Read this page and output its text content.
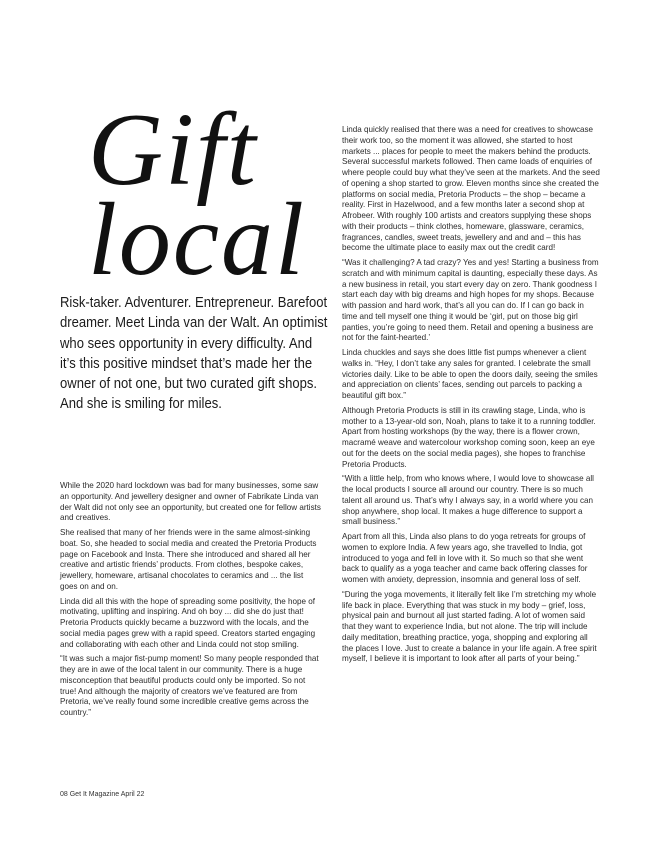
Gift
local

Risk-taker. Adventurer. Entrepreneur. Barefoot dreamer. Meet Linda van der Walt. An optimist who sees opportunity in every difficulty. And it’s this positive mindset that’s made her the owner of not one, but two curated gift shops. And she is smiling for miles.

While the 2020 hard lockdown was bad for many businesses, some saw an opportunity. And jewellery designer and owner of Fabrikate Linda van der Walt did not only see an opportunity, but created one for fellow artists and creatives.

She realised that many of her friends were in the same almost-sinking boat. So, she headed to social media and created the Pretoria Products page on Facebook and Insta. There she introduced and shared all her creative and artistic friends’ products. From clothes, bespoke cakes, jewellery, homeware, artisanal chocolates to ceramics and ... the list goes on and on.

Linda did all this with the hope of spreading some positivity, the hope of motivating, uplifting and inspiring. And oh boy ... did she do just that! Pretoria Products quickly became a buzzword with the locals, and the social media pages grew with a rapid speed. Creators started engaging and collaborating with each other and Linda could not stop smiling.

“It was such a major fist-pump moment! So many people responded that they are in awe of the local talent in our community. There is a huge misconception that beautiful products could only be imported. So not true! And although the majority of creators we’ve featured are from Pretoria, we’ve really found some incredible creative gems across the country.”

Linda quickly realised that there was a need for creatives to showcase their work too, so the moment it was allowed, she started to host markets ... places for people to meet the makers behind the products. Several successful markets followed. Then came loads of enquiries of where people could buy what they’ve seen at the markets. And the seed of opening a shop started to grow. Eleven months since she created the platforms on social media, Pretoria Products – the shop – became a reality. First in Hazelwood, and a few months later a second shop at Afrobeer. With roughly 100 artists and creators supplying these shops with their products – think clothes, homeware, glassware, ceramics, fragrances, candles, sweet treats, jewellery and and and – this has become the ultimate place to easily max out the credit card!

“Was it challenging? A tad crazy? Yes and yes! Starting a business from scratch and with minimum capital is daunting, especially these days. As a new business in retail, you start every day on zero. Thank goodness I start each day with big dreams and high hopes for my shops. Because with passion and hard work, that’s all you can do. If I can go back in time and tell myself one thing it would be ‘girl, put on those big girl panties, you’re going to need them. Retail and opening a business are not for the faint-hearted.’

Linda chuckles and says she does little fist pumps whenever a client walks in. “Hey, I don’t take any sales for granted. I celebrate the small victories daily. Like to be able to open the doors daily, seeing the smiles and appreciation on clients’ faces, sending out parcels to packing a beautiful gift box.”

Although Pretoria Products is still in its crawling stage, Linda, who is mother to a 13-year-old son, Noah, plans to take it to a running toddler. Apart from hosting workshops (by the way, there is a flower crown, macramé weave and watercolour workshop coming soon, keep an eye out for the deets on the social media pages), she hopes to franchise Pretoria Products.

“With a little help, from who knows where, I would love to showcase all the local products I source all around our country. There is so much talent all around us. That’s why I always say, in a world where you can shop anywhere, shop local. It makes a huge difference to support a small business.”

Apart from all this, Linda also plans to do yoga retreats for groups of women to explore India. A few years ago, she travelled to India, got introduced to yoga and fell in love with it. So much so that she went back to qualify as a yoga teacher and came back offering classes for women with anxiety, depression, insomnia and general loss of self.

“During the yoga movements, it literally felt like I’m stretching my whole life back in place. Everything that was stuck in my body – grief, loss, physical pain and burnout all just started fading. A lot of women said that they want to experience India, but not alone. The trip will include daily meditation, breathing practice, yoga, shopping and exploring all the places I love. Just to create a balance in your life again. A free spirit myself, I believe it is important to look after all parts of your being.”

08 Get It Magazine April 22
